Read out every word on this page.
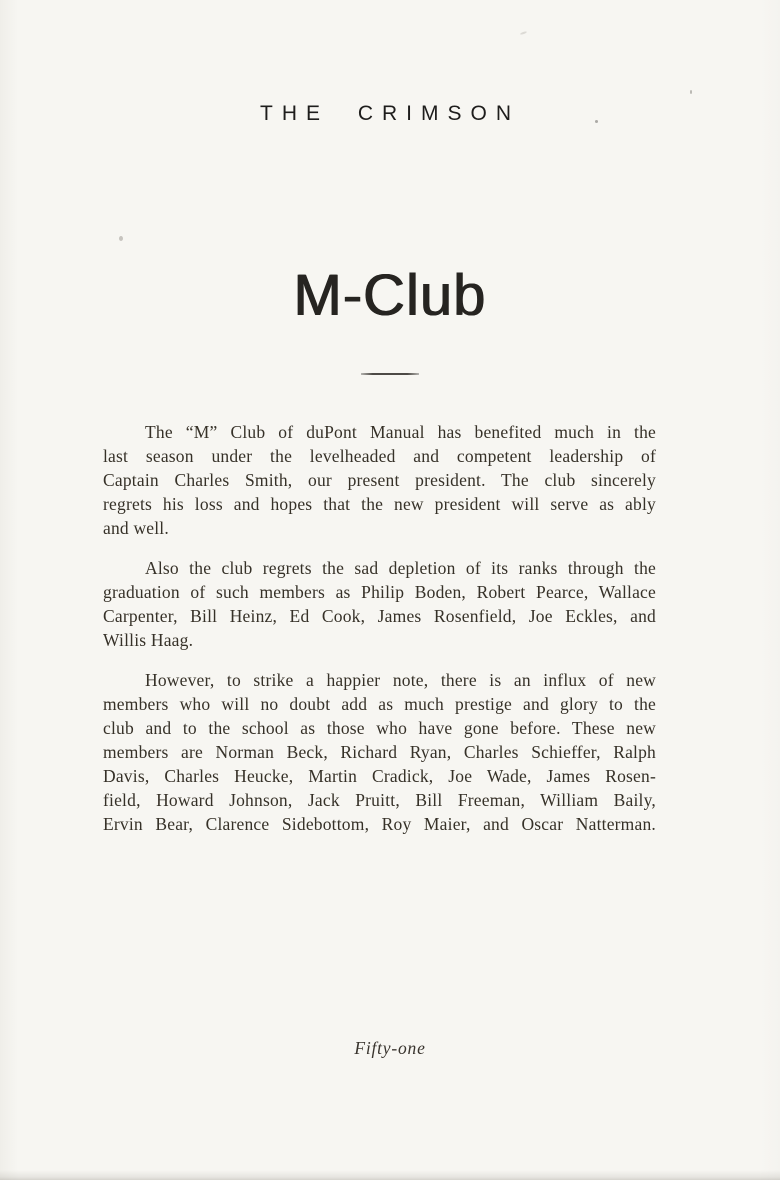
THE CRIMSON
M-Club
The “M” Club of duPont Manual has benefited much in the
last season under the levelheaded and competent leadership of
Captain Charles Smith, our present president. The club sincerely
regrets his loss and hopes that the new president will serve as ably
and well.
Also the club regrets the sad depletion of its ranks through the
graduation of such members as Philip Boden, Robert Pearce, Wallace
Carpenter, Bill Heinz, Ed Cook, James Rosenfield, Joe Eckles, and
Willis Haag.
However, to strike a happier note, there is an influx of new
members who will no doubt add as much prestige and glory to the
club and to the school as those who have gone before. These new
members are Norman Beck, Richard Ryan, Charles Schieffer, Ralph
Davis, Charles Heucke, Martin Cradick, Joe Wade, James Rosen-
field, Howard Johnson, Jack Pruitt, Bill Freeman, William Baily,
Ervin Bear, Clarence Sidebottom, Roy Maier, and Oscar Natterman.
Fifty-one
